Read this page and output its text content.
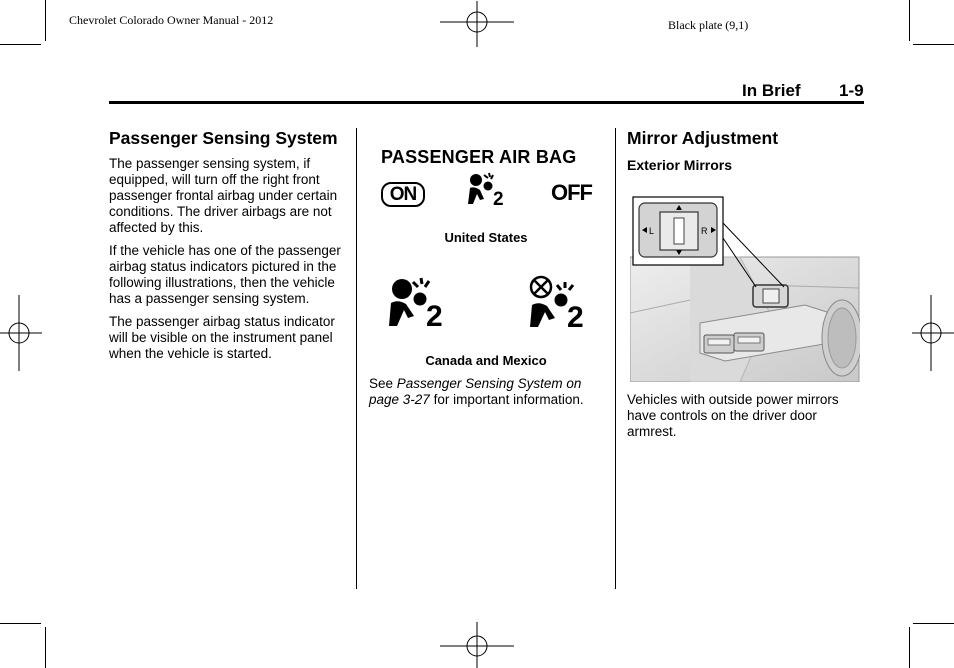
Chevrolet Colorado Owner Manual - 2012	Black plate (9,1)
In Brief 1-9
Passenger Sensing System

The passenger sensing system, if equipped, will turn off the right front passenger frontal airbag under certain conditions. The driver airbags are not affected by this.

If the vehicle has one of the passenger airbag status indicators pictured in the following illustrations, then the vehicle has a passenger sensing system.

The passenger airbag status indicator will be visible on the instrument panel when the vehicle is started.

PASSENGER AIR BAG
ON	2 OFF
United States
2	2
Canada and Mexico

See Passenger Sensing System on page 3-27 for important information.

Mirror Adjustment
Exterior Mirrors
L	R

Vehicles with outside power mirrors have controls on the driver door armrest.
